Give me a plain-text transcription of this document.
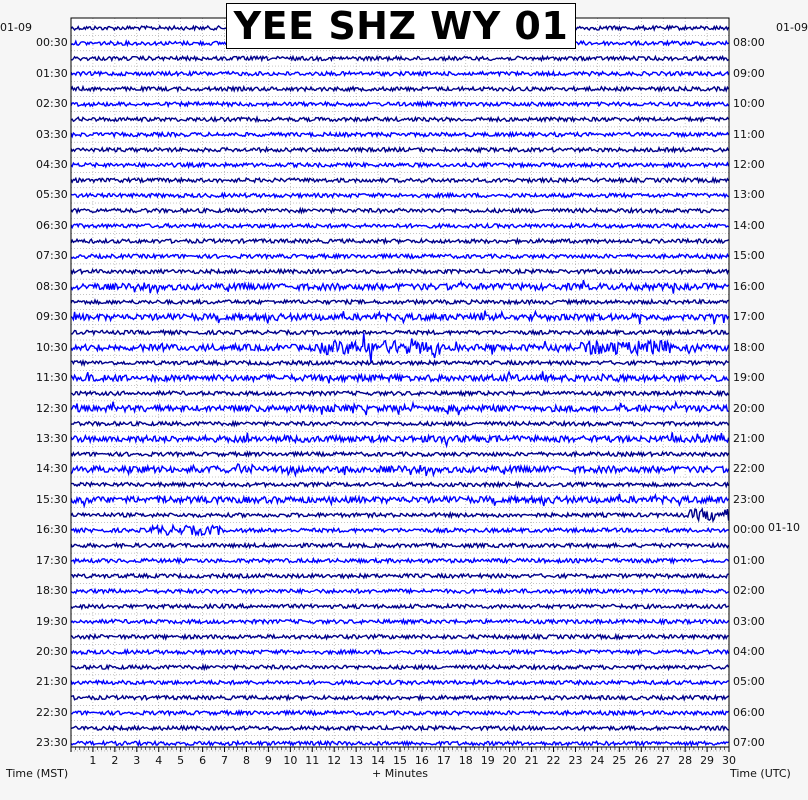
YEE SHZ WY 01
01-09	01-09
00:30
01:30
02:30
03:30
04:30
05:30
06:30
07:30
08:30
09:30
10:30
11:30
12:30
13:30
14:30
15:30
16:30
17:30
18:30
19:30
20:30
21:30
22:30
23:30
08:00
09:00
10:00
11:00
12:00
13:00
14:00
15:00
16:00
17:00
18:00
19:00
20:00
21:00
22:00
23:00
00:00
01:00
02:00
03:00
04:00
05:00
06:00
07:00
01-10
1 2 3 4 5 6 7 8 9 10 11 12 13 14 15 16 17 18 19 20 21 22 23 24 25 26 27 28 29 30
Time (MST)	+ Minutes	Time (UTC)
